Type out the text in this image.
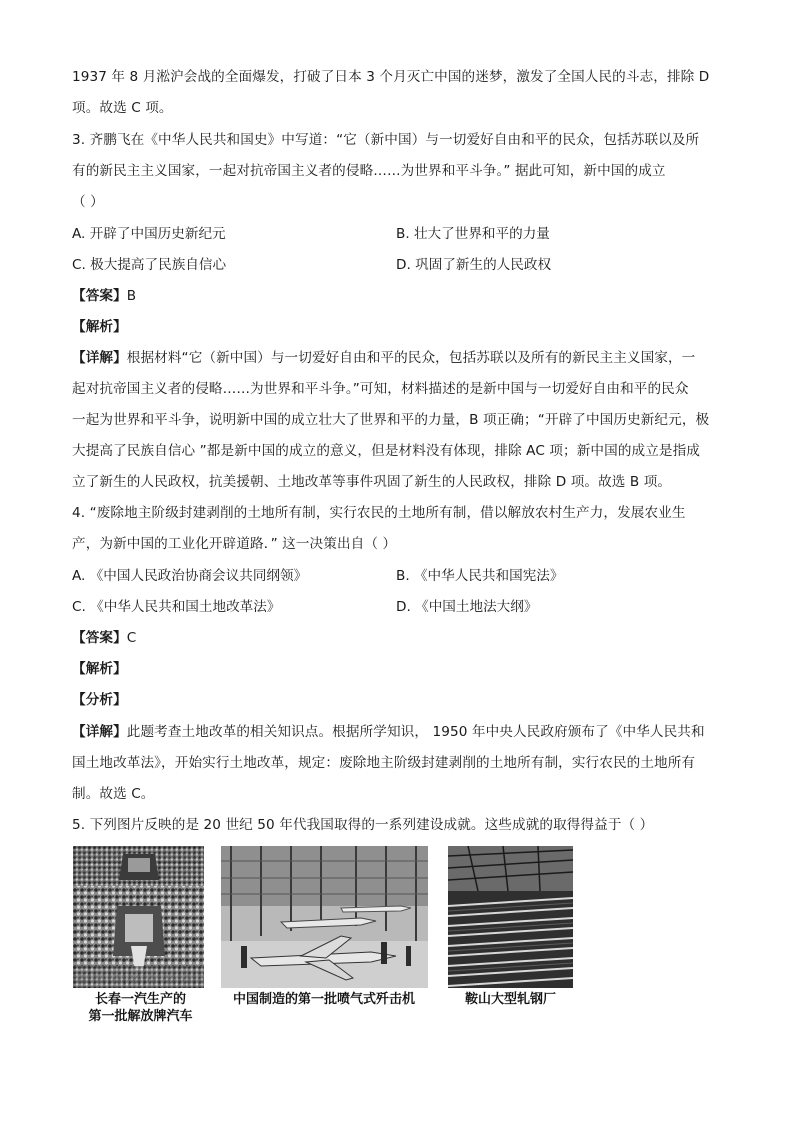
1937 年 8 月淞沪会战的全面爆发，打破了日本 3 个月灭亡中国的迷梦，激发了全国人民的斗志，排除 D
项。故选 C 项。
3. 齐鹏飞在《中华人民共和国史》中写道：“它（新中国）与一切爱好自由和平的民众，包括苏联以及所
有的新民主主义国家，一起对抗帝国主义者的侵略……为世界和平斗争。” 据此可知，新中国的成立
（ ）
A. 开辟了中国历史新纪元	B. 壮大了世界和平的力量
C. 极大提高了民族自信心	D. 巩固了新生的人民政权
【答案】B
【解析】
【详解】根据材料“它（新中国）与一切爱好自由和平的民众，包括苏联以及所有的新民主主义国家，一
起对抗帝国主义者的侵略……为世界和平斗争。”可知，材料描述的是新中国与一切爱好自由和平的民众
一起为世界和平斗争，说明新中国的成立壮大了世界和平的力量，B 项正确；“开辟了中国历史新纪元，极
大提高了民族自信心 ”都是新中国的成立的意义，但是材料没有体现，排除 AC 项；新中国的成立是指成
立了新生的人民政权，抗美援朝、土地改革等事件巩固了新生的人民政权，排除 D 项。故选 B 项。
4. “废除地主阶级封建剥削的土地所有制，实行农民的土地所有制，借以解放农村生产力，发展农业生
产，为新中国的工业化开辟道路．” 这一决策出自（ ）
A. 《中国人民政治协商会议共同纲领》	B. 《中华人民共和国宪法》
C. 《中华人民共和国土地改革法》	D. 《中国土地法大纲》
【答案】C
【解析】
【分析】
【详解】此题考查土地改革的相关知识点。根据所学知识， 1950 年中央人民政府颁布了《中华人民共和
国土地改革法》，开始实行土地改革，规定：废除地主阶级封建剥削的土地所有制，实行农民的土地所有
制。故选 C。
5. 下列图片反映的是 20 世纪 50 年代我国取得的一系列建设成就。这些成就的取得得益于（ ）
长春一汽生产的
第一批解放牌汽车
中国制造的第一批喷气式歼击机	鞍山大型轧钢厂
